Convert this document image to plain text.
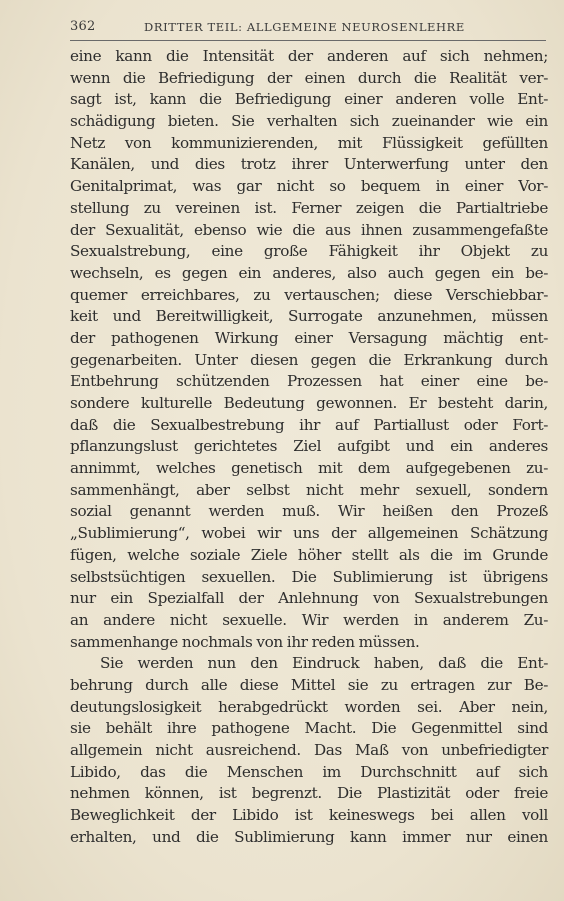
362	DRITTER TEIL: ALLGEMEINE NEUROSENLEHRE
eine kann die Intensität der anderen auf sich nehmen;
wenn die Befriedigung der einen durch die Realität ver-
sagt ist, kann die Befriedigung einer anderen volle Ent-
schädigung bieten. Sie verhalten sich zueinander wie ein
Netz von kommunizierenden, mit Flüssigkeit gefüllten
Kanälen, und dies trotz ihrer Unterwerfung unter den
Genitalprimat, was gar nicht so bequem in einer Vor-
stellung zu vereinen ist. Ferner zeigen die Partialtriebe
der Sexualität, ebenso wie die aus ihnen zusammengefaßte
Sexualstrebung, eine große Fähigkeit ihr Objekt zu
wechseln, es gegen ein anderes, also auch gegen ein be-
quemer erreichbares, zu vertauschen; diese Verschiebbar-
keit und Bereitwilligkeit, Surrogate anzunehmen, müssen
der pathogenen Wirkung einer Versagung mächtig ent-
gegenarbeiten. Unter diesen gegen die Erkrankung durch
Entbehrung schützenden Prozessen hat einer eine be-
sondere kulturelle Bedeutung gewonnen. Er besteht darin,
daß die Sexualbestrebung ihr auf Partiallust oder Fort-
pflanzungslust gerichtetes Ziel aufgibt und ein anderes
annimmt, welches genetisch mit dem aufgegebenen zu-
sammenhängt, aber selbst nicht mehr sexuell, sondern
sozial genannt werden muß. Wir heißen den Prozeß
„Sublimierung“, wobei wir uns der allgemeinen Schätzung
fügen, welche soziale Ziele höher stellt als die im Grunde
selbstsüchtigen sexuellen. Die Sublimierung ist übrigens
nur ein Spezialfall der Anlehnung von Sexualstrebungen
an andere nicht sexuelle. Wir werden in anderem Zu-
sammenhange nochmals von ihr reden müssen.
Sie werden nun den Eindruck haben, daß die Ent-
behrung durch alle diese Mittel sie zu ertragen zur Be-
deutungslosigkeit herabgedrückt worden sei. Aber nein,
sie behält ihre pathogene Macht. Die Gegenmittel sind
allgemein nicht ausreichend. Das Maß von unbefriedigter
Libido, das die Menschen im Durchschnitt auf sich
nehmen können, ist begrenzt. Die Plastizität oder freie
Beweglichkeit der Libido ist keineswegs bei allen voll
erhalten, und die Sublimierung kann immer nur einen
